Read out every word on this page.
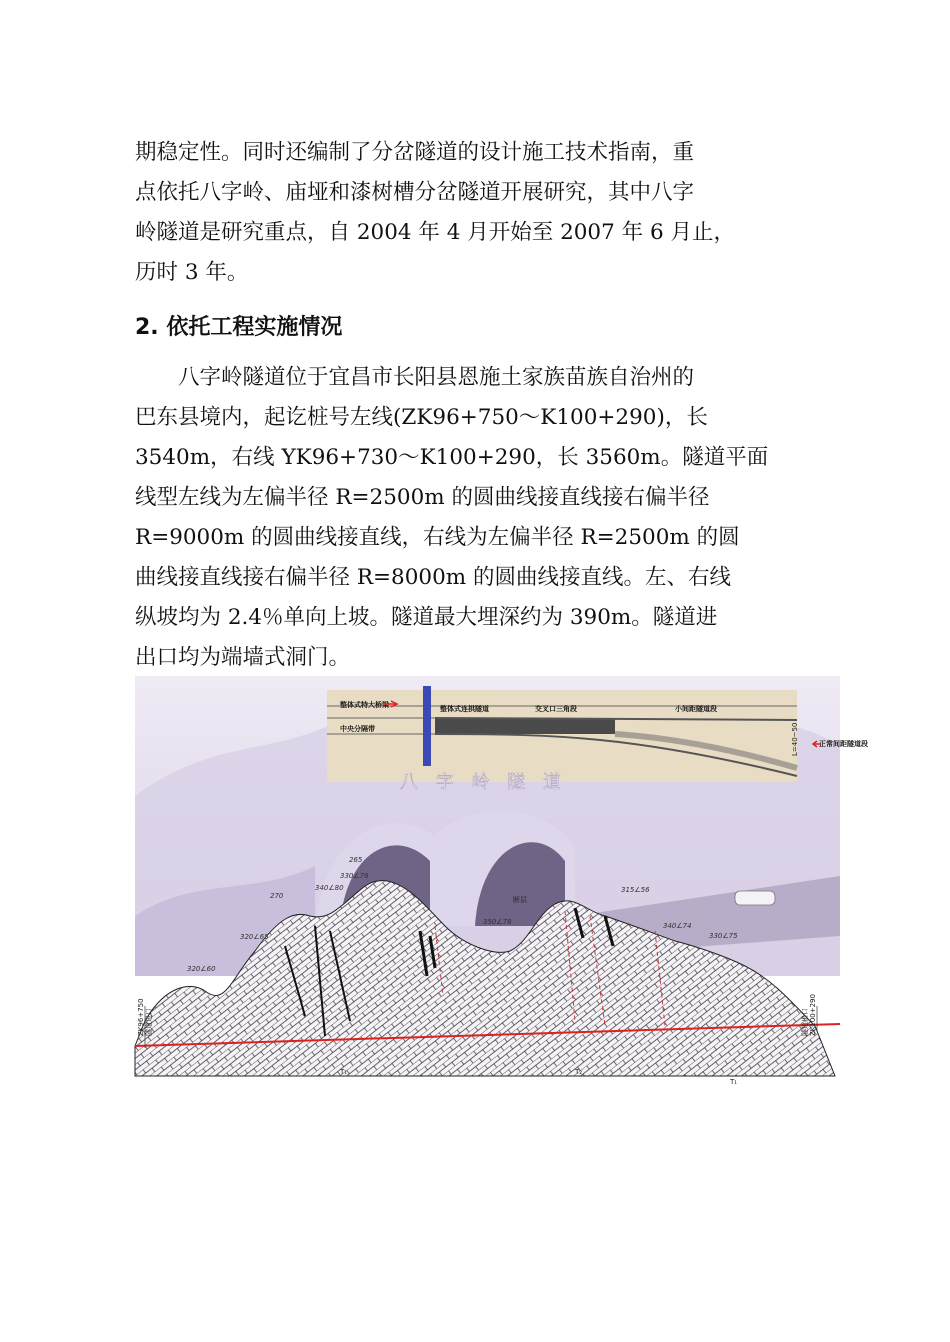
期稳定性。同时还编制了分岔隧道的设计施工技术指南，重
点依托八字岭、庙垭和漆树槽分岔隧道开展研究，其中八字
岭隧道是研究重点，自 2004 年 4 月开始至 2007 年 6 月止，
历时 3 年。
2. 依托工程实施情况
　　八字岭隧道位于宜昌市长阳县恩施土家族苗族自治州的
巴东县境内，起讫桩号左线(ZK96+750～K100+290)，长
3540m，右线 YK96+730～K100+290，长 3560m。隧道平面
线型左线为左偏半径 R=2500m 的圆曲线接直线接右偏半径
R=9000m 的圆曲线接直线，右线为左偏半径 R=2500m 的圆
曲线接直线接右偏半径 R=8000m 的圆曲线接直线。左、右线
纵坡均为 2.4％单向上坡。隧道最大埋深约为 390m。隧道进
出口均为端墙式洞门。
整体式特大桥梁
中央分隔带
整体式连拱隧道	交叉口三角段	小间距隧道段
正常间距隧道段
L=40~50
八 字 岭 隧 道
ZK96+750 隧道进口	ZK100+290
隧道出口
断层
T₁	T₂
T₁
320∠60
320∠65
270
340∠80
330∠76
265
350∠78
315∠56
340∠74
330∠75
